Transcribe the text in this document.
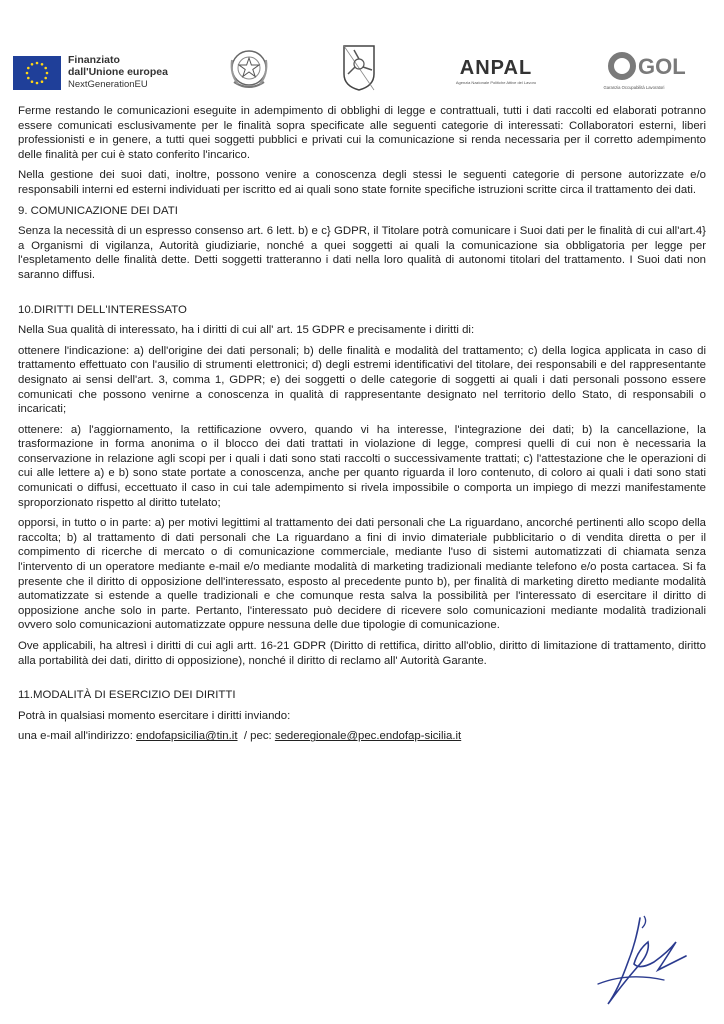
Finanziato
dall'Unione europea
NextGenerationEU
ANPAL
Agenzia Nazionale Politiche Attive del Lavoro
GOL
Garanzia Occupabilità Lavoratori

Ferme restando le comunicazioni eseguite in adempimento di obblighi di legge e contrattuali, tutti i dati raccolti ed elaborati potranno essere comunicati esclusivamente per le finalità sopra specificate alle seguenti categorie di interessati: Collaboratori esterni, liberi professionisti e in genere, a tutti quei soggetti pubblici e privati cui la comunicazione si renda necessaria per il corretto adempimento delle finalità per cui è stato conferito l'incarico.

Nella gestione dei suoi dati, inoltre, possono venire a conoscenza degli stessi le seguenti categorie di persone autorizzate e/o responsabili interni ed esterni individuati per iscritto ed ai quali sono state fornite specifiche istruzioni scritte circa il trattamento dei dati.

9. COMUNICAZIONE DEI DATI

Senza la necessità di un espresso consenso art. 6 lett. b) e c} GDPR, il Titolare potrà comunicare i Suoi dati per le finalità di cui all'art.4} a Organismi di vigilanza, Autorità giudiziarie, nonché a quei soggetti ai quali la comunicazione sia obbligatoria per legge per l'espletamento delle finalità dette. Detti soggetti tratteranno i dati nella loro qualità di autonomi titolari del trattamento. I Suoi dati non saranno diffusi.

10.DIRITTI DELL'INTERESSATO

Nella Sua qualità di interessato, ha i diritti di cui all' art. 15 GDPR e precisamente i diritti di:

ottenere l'indicazione: a) dell'origine dei dati personali; b) delle finalità e modalità del trattamento; c) della logica applicata in caso di trattamento effettuato con l'ausilio di strumenti elettronici; d) degli estremi identificativi del titolare, dei responsabili e del rappresentante designato ai sensi dell'art. 3, comma 1, GDPR; e) dei soggetti o delle categorie di soggetti ai quali i dati personali possono essere comunicati che possono venirne a conoscenza in qualità di rappresentante designato nel territorio dello Stato, di responsabili o incaricati;

ottenere: a) l'aggiornamento, la rettificazione ovvero, quando vi ha interesse, l'integrazione dei dati; b) la cancellazione, la trasformazione in forma anonima o il blocco dei dati trattati in violazione di legge, compresi quelli di cui non è necessaria la conservazione in relazione agli scopi per i quali i dati sono stati raccolti o successivamente trattati; c) l'attestazione che le operazioni di cui alle lettere a) e b) sono state portate a conoscenza, anche per quanto riguarda il loro contenuto, di coloro ai quali i dati sono stati comunicati o diffusi, eccettuato il caso in cui tale adempimento si rivela impossibile o comporta un impiego di mezzi manifestamente sproporzionato rispetto al diritto tutelato;

opporsi, in tutto o in parte: a) per motivi legittimi al trattamento dei dati personali che La riguardano, ancorché pertinenti allo scopo della raccolta; b) al trattamento di dati personali che La riguardano a fini di invio dimateriale pubblicitario o di vendita diretta o per il compimento di ricerche di mercato o di comunicazione commerciale, mediante l'uso di sistemi automatizzati di chiamata senza l'intervento di un operatore mediante e-mail e/o mediante modalità di marketing tradizionali mediante telefono e/o posta cartacea. Si fa presente che il diritto di opposizione dell'interessato, esposto al precedente punto b), per finalità di marketing diretto mediante modalità automatizzate si estende a quelle tradizionali e che comunque resta salva la possibilità per l'interessato di esercitare il diritto di opposizione anche solo in parte. Pertanto, l'interessato può decidere di ricevere solo comunicazioni mediante modalità tradizionali ovvero solo comunicazioni automatizzate oppure nessuna delle due tipologie di comunicazione.

Ove applicabili, ha altresì i diritti di cui agli artt. 16-21 GDPR (Diritto di rettifica, diritto all'oblio, diritto di limitazione di trattamento, diritto alla portabilità dei dati, diritto di opposizione), nonché il diritto di reclamo all' Autorità Garante.

11.MODALITÀ DI ESERCIZIO DEI DIRITTI

Potrà in qualsiasi momento esercitare i diritti inviando:

una e-mail all'indirizzo: endofapsicilia@tin.it  / pec: sederegionale@pec.endofap-sicilia.it
